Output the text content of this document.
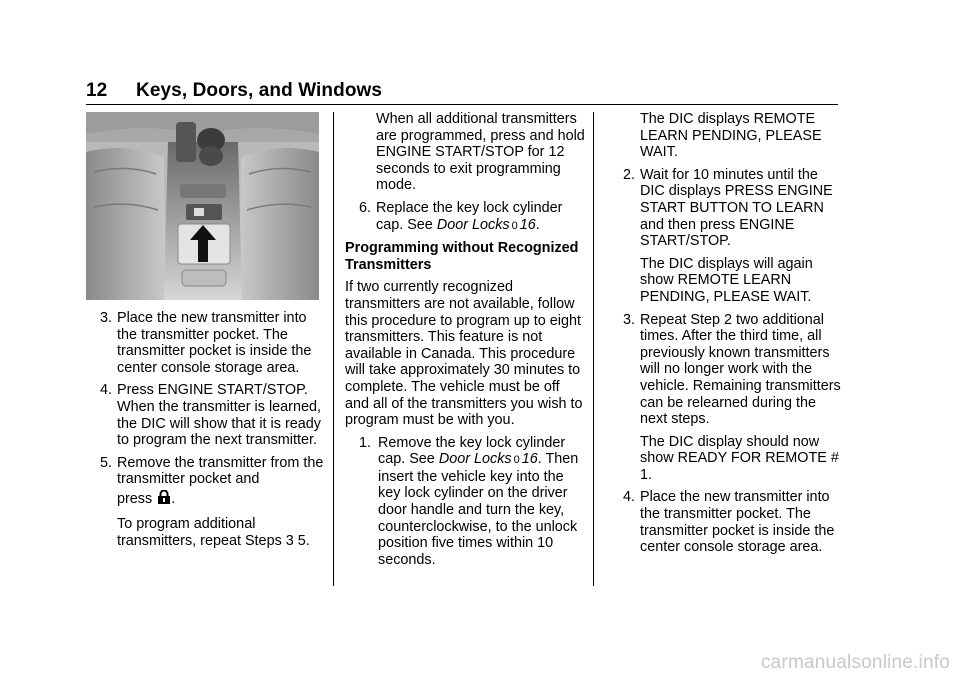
12 Keys, Doors, and Windows
3. Place the new transmitter into the transmitter pocket. The transmitter pocket is inside the center console storage area.

4. Press ENGINE START/STOP. When the transmitter is learned, the DIC will show that it is ready to program the next transmitter.

5. Remove the transmitter from the transmitter pocket and
press .

To program additional transmitters, repeat Steps 3 5.

When all additional transmitters are programmed, press and hold ENGINE START/STOP for 12 seconds to exit programming mode.

6. Replace the key lock cylinder cap. See Door Locks 0 16.

Programming without Recognized Transmitters

If two currently recognized transmitters are not available, follow this procedure to program up to eight transmitters. This feature is not available in Canada. This procedure will take approximately 30 minutes to complete. The vehicle must be off and all of the transmitters you wish to program must be with you.

1. Remove the key lock cylinder cap. See Door Locks 0 16. Then insert the vehicle key into the key lock cylinder on the driver door handle and turn the key, counterclockwise, to the unlock position five times within 10 seconds.

The DIC displays REMOTE LEARN PENDING, PLEASE WAIT.

2. Wait for 10 minutes until the DIC displays PRESS ENGINE START BUTTON TO LEARN and then press ENGINE START/STOP.

The DIC displays will again show REMOTE LEARN PENDING, PLEASE WAIT.

3. Repeat Step 2 two additional times. After the third time, all previously known transmitters will no longer work with the vehicle. Remaining transmitters can be relearned during the next steps.

The DIC display should now show READY FOR REMOTE # 1.

4. Place the new transmitter into the transmitter pocket. The transmitter pocket is inside the center console storage area.

carmanualsonline.info
